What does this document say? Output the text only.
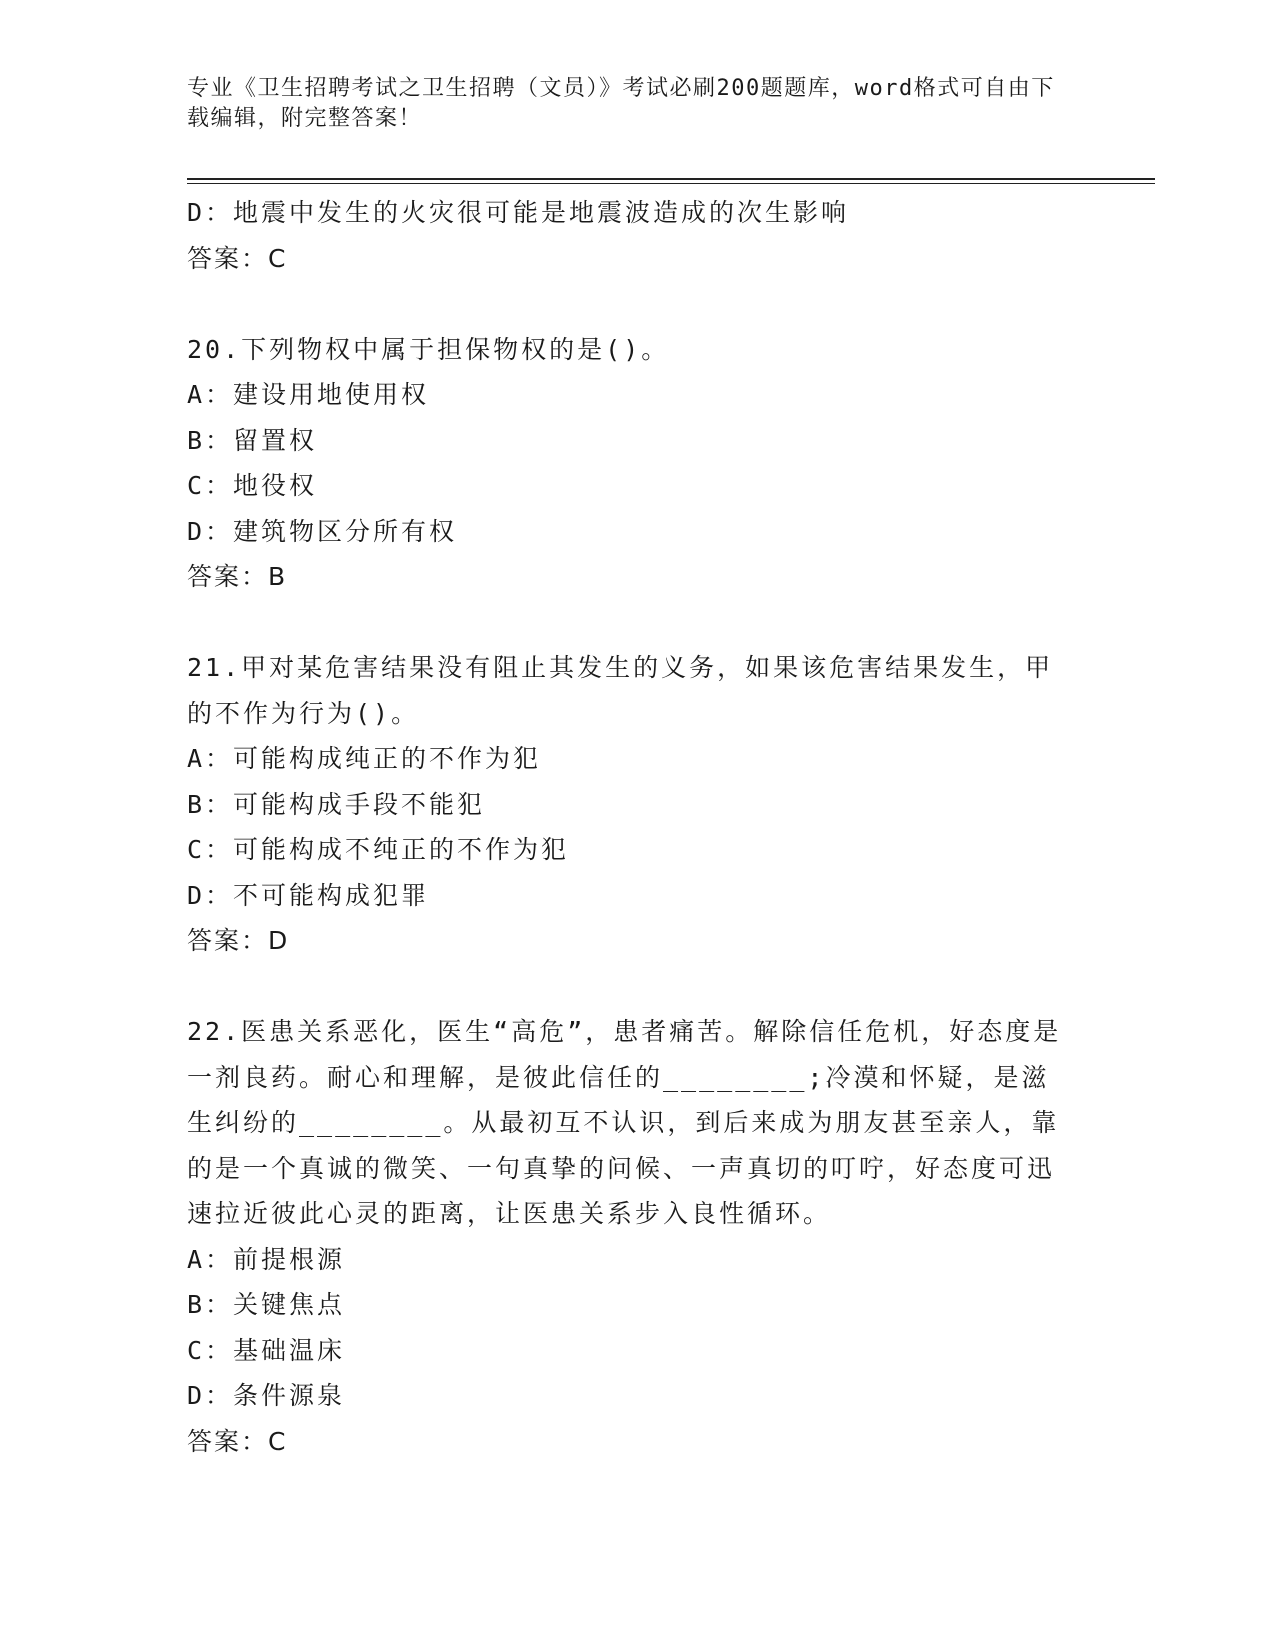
专业《卫生招聘考试之卫生招聘（文员）》考试必刷200题题库，word格式可自由下载编辑，附完整答案！

D：地震中发生的火灾很可能是地震波造成的次生影响

答案：C

20.下列物权中属于担保物权的是()。

A：建设用地使用权

B：留置权

C：地役权

D：建筑物区分所有权

答案：B

21.甲对某危害结果没有阻止其发生的义务，如果该危害结果发生，甲的不作为行为()。

A：可能构成纯正的不作为犯

B：可能构成手段不能犯

C：可能构成不纯正的不作为犯

D：不可能构成犯罪

答案：D

22.医患关系恶化，医生“高危”，患者痛苦。解除信任危机，好态度是一剂良药。耐心和理解，是彼此信任的________;冷漠和怀疑，是滋生纠纷的________。从最初互不认识，到后来成为朋友甚至亲人，靠的是一个真诚的微笑、一句真挚的问候、一声真切的叮咛，好态度可迅速拉近彼此心灵的距离，让医患关系步入良性循环。

A：前提根源

B：关键焦点

C：基础温床

D：条件源泉

答案：C
